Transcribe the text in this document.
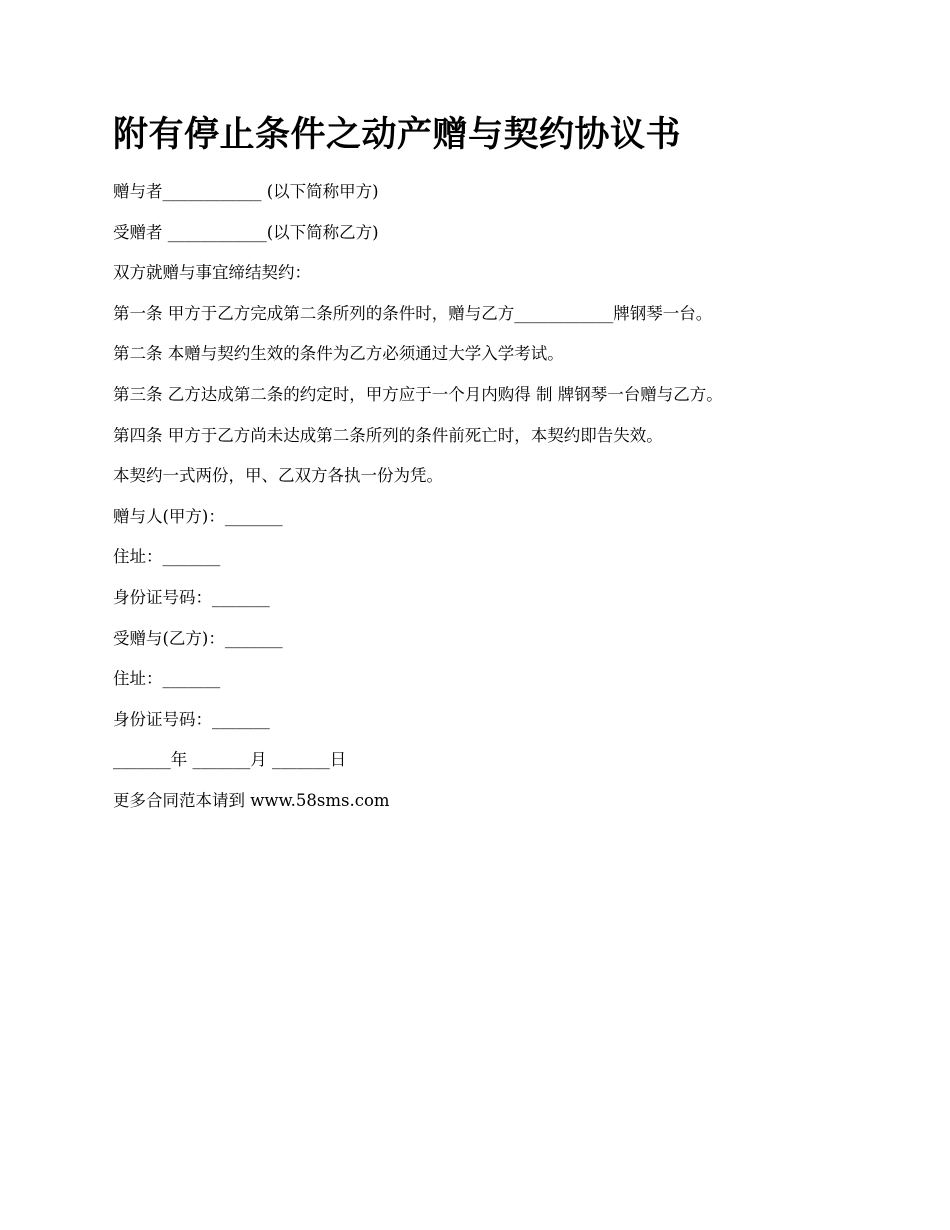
附有停止条件之动产赠与契约协议书

赠与者____________ (以下简称甲方)

受赠者 ____________(以下简称乙方)

双方就赠与事宜缔结契约：

第一条 甲方于乙方完成第二条所列的条件时，赠与乙方____________牌钢琴一台。

第二条 本赠与契约生效的条件为乙方必须通过大学入学考试。

第三条 乙方达成第二条的约定时，甲方应于一个月内购得 制 牌钢琴一台赠与乙方。

第四条 甲方于乙方尚未达成第二条所列的条件前死亡时，本契约即告失效。

本契约一式两份，甲、乙双方各执一份为凭。

赠与人(甲方)：_______

住址：_______

身份证号码：_______

受赠与(乙方)：_______

住址：_______

身份证号码：_______

_______年 _______月 _______日

更多合同范本请到 www.58sms.com
